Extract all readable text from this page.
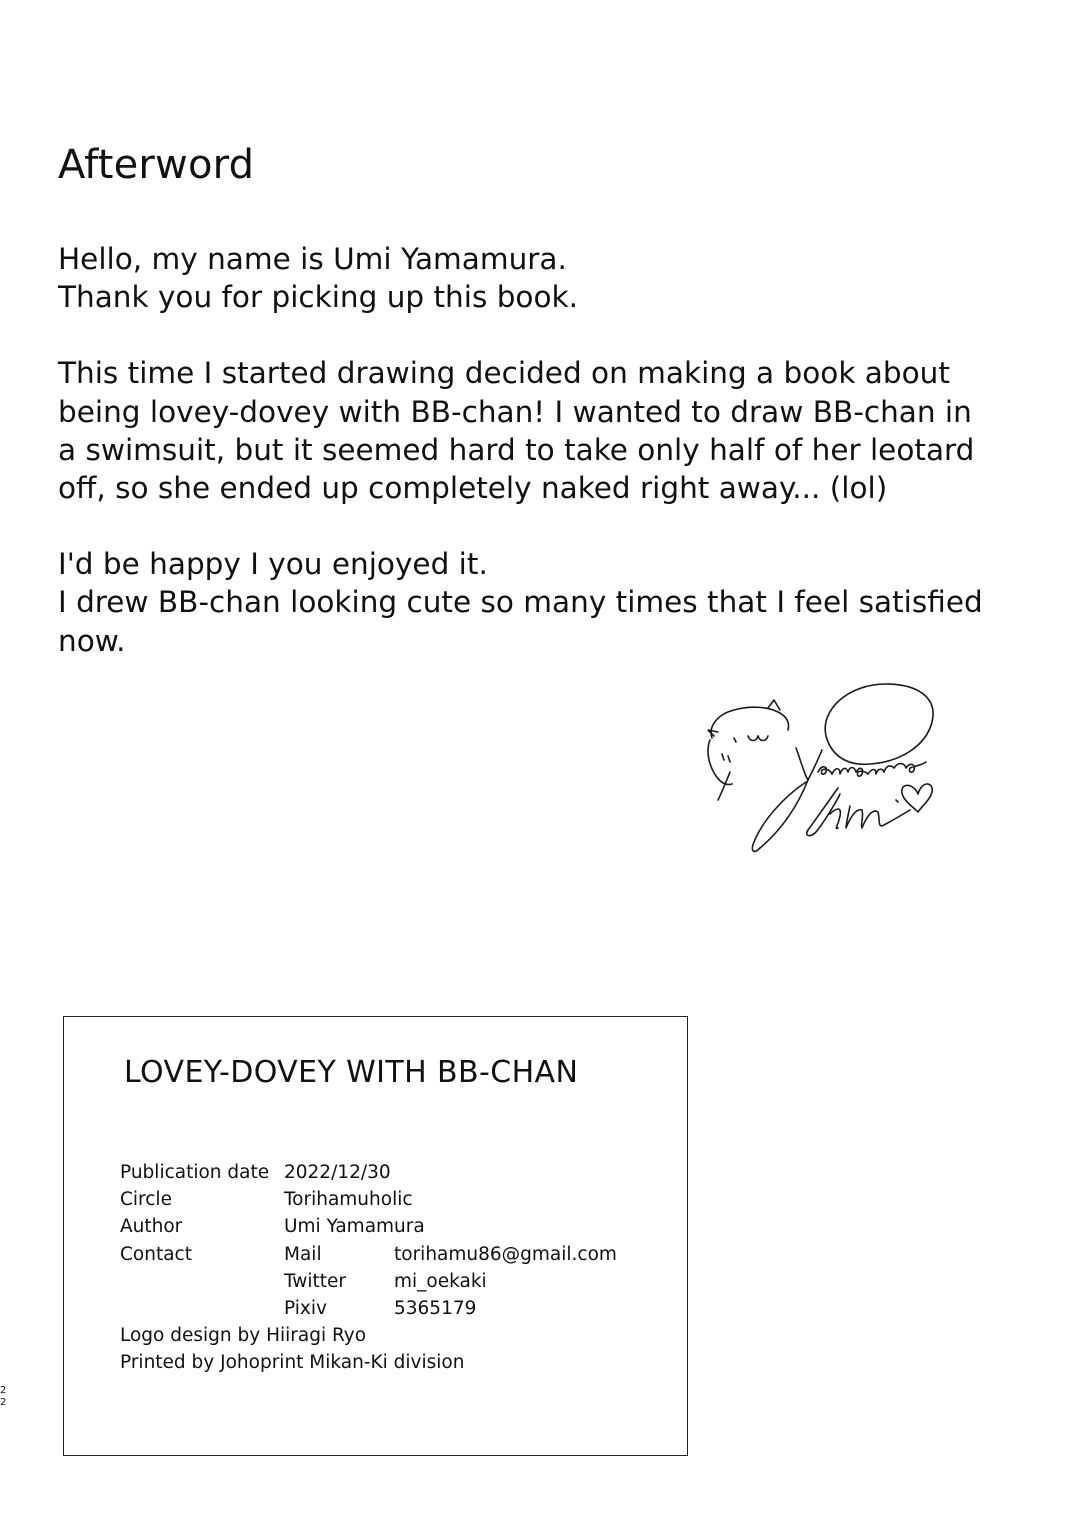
Afterword

Hello, my name is Umi Yamamura.
Thank you for picking up this book.

This time I started drawing decided on making a book about
being lovey-dovey with BB-chan! I wanted to draw BB-chan in
a swimsuit, but it seemed hard to take only half of her leotard
off, so she ended up completely naked right away... (lol)

I'd be happy I you enjoyed it.
I drew BB-chan looking cute so many times that I feel satisfied
now.

LOVEY-DOVEY WITH BB-CHAN
Publication date	2022/12/30	
Circle	Torihamuholic	
Author	Umi Yamamura	
Contact	Mail	torihamu86@gmail.com
	Twitter	mi_oekaki
	Pixiv	5365179
Logo design by Hiiragi Ryo
Printed by Johoprint Mikan-Ki division
2
2
